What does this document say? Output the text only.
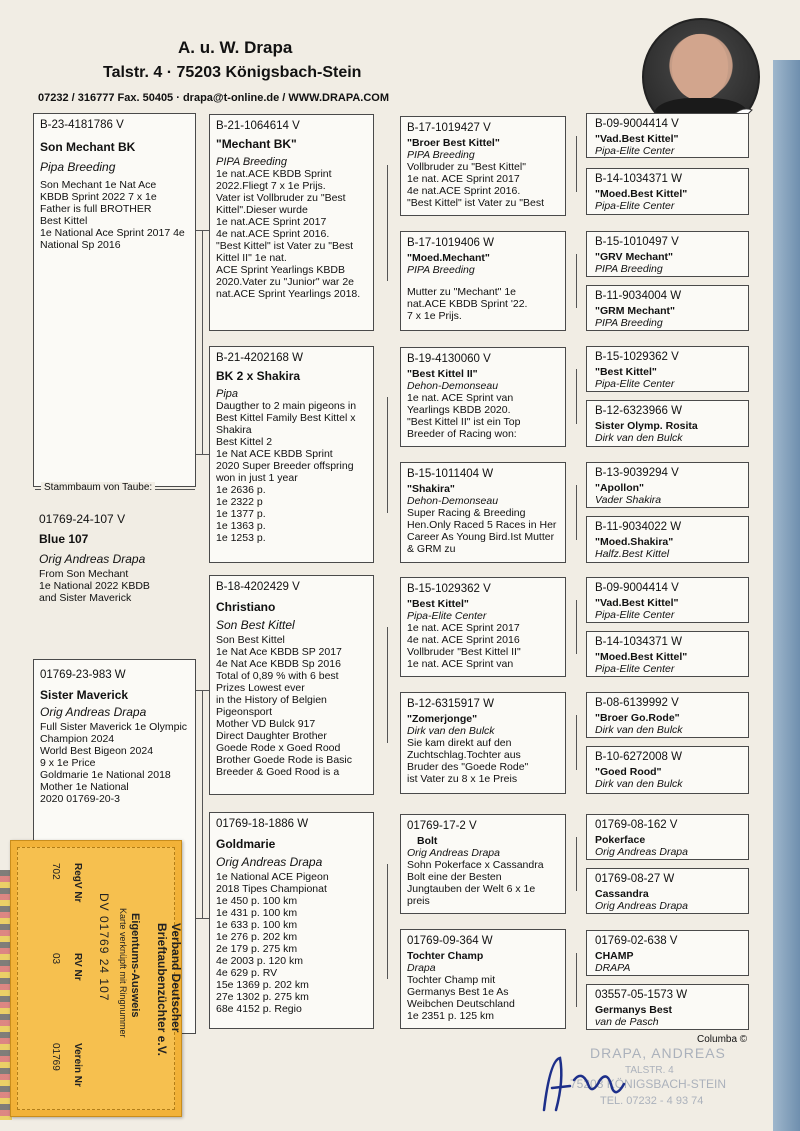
A. u. W. Drapa
Talstr. 4 · 75203 Königsbach-Stein
07232 / 316777 Fax. 50405 · drapa@t-online.de / WWW.DRAPA.COM
B-23-4181786 V
Son Mechant BK
Pipa Breeding
Son Mechant 1e Nat Ace
KBDB Sprint 2022 7 x 1e
Father is full BROTHER
Best Kittel
1e National Ace Sprint 2017 4e
National Sp 2016
Stammbaum von Taube:
01769-24-107 V
Blue 107
Orig Andreas Drapa
From Son Mechant
1e National 2022 KBDB
and Sister Maverick
01769-23-983 W
Sister Maverick
Orig Andreas Drapa
Full Sister Maverick 1e Olympic
Champion 2024
World Best Bigeon 2024
9 x 1e Price
Goldmarie 1e National 2018
Mother 1e National
2020 01769-20-3
B-21-1064614 V
"Mechant BK"
PIPA Breeding
1e nat.ACE KBDB Sprint
2022.Fliegt 7 x 1e Prijs.
Vater ist Vollbruder zu "Best
Kittel".Dieser wurde
1e nat.ACE Sprint 2017
4e nat.ACE Sprint 2016.
"Best Kittel" ist Vater zu "Best
Kittel II" 1e nat.
ACE Sprint Yearlings KBDB
2020.Vater zu "Junior" war 2e
nat.ACE Sprint Yearlings 2018.
B-21-4202168 W
BK 2 x Shakira
Pipa
Daugther to 2 main pigeons in
Best Kittel Family Best Kittel x
Shakira
Best Kittel 2
1e Nat ACE KBDB Sprint
2020 Super Breeder offspring
won in just 1 year
1e 2636 p.
1e 2322 p
1e 1377 p.
1e 1363 p.
1e 1253 p.
B-18-4202429 V
Christiano
Son Best Kittel
Son Best Kittel
1e Nat Ace KBDB SP 2017
4e Nat Ace KBDB Sp 2016
Total of 0,89 % with 6 best
Prizes Lowest ever
in the History of Belgien
Pigeonsport
Mother VD Bulck 917
Direct Daughter Brother
Goede Rode x Goed Rood
Brother Goede Rode is Basic
Breeder & Goed Rood is a
01769-18-1886 W
Goldmarie
Orig Andreas Drapa
1e National ACE Pigeon
2018 Tipes Championat
1e 450 p. 100 km
1e 431 p. 100 km
1e 633 p. 100 km
1e 276 p. 202 km
2e 179 p. 275 km
4e 2003 p. 120 km
4e 629 p. RV
15e 1369 p. 202 km
27e 1302 p. 275 km
68e 4152 p. Regio
B-17-1019427 V
"Broer Best Kittel"
PIPA Breeding
Vollbruder zu "Best Kittel"
1e nat. ACE Sprint 2017
4e nat.ACE Sprint 2016.
"Best Kittel" ist Vater zu "Best
B-17-1019406 W
"Moed.Mechant"
PIPA Breeding
Mutter zu "Mechant" 1e
nat.ACE KBDB Sprint '22.
7 x 1e Prijs.
B-19-4130060 V
"Best Kittel II"
Dehon-Demonseau
1e nat. ACE Sprint van
Yearlings KBDB 2020.
"Best Kittel II" ist ein Top
Breeder of Racing won:
B-15-1011404 W
"Shakira"
Dehon-Demonseau
Super Racing & Breeding
Hen.Only Raced 5 Races in Her
Career As Young Bird.Ist Mutter
& GRM zu
B-15-1029362 V
"Best Kittel"
Pipa-Elite Center
1e nat. ACE Sprint 2017
4e nat. ACE Sprint 2016
Vollbruder "Best Kittel II"
1e nat. ACE Sprint van
B-12-6315917 W
"Zomerjonge"
Dirk van den Bulck
Sie kam direkt auf den
Zuchtschlag.Tochter aus
Bruder des "Goede Rode"
ist Vater zu 8 x 1e Preis
01769-17-2 V
Bolt
Orig Andreas Drapa
Sohn Pokerface x Cassandra
Bolt eine der Besten
Jungtauben der Welt 6 x 1e
preis
01769-09-364 W
Tochter Champ
Drapa
Tochter Champ mit
Germanys Best 1e As
Weibchen Deutschland
1e 2351 p. 125 km
B-09-9004414 V
"Vad.Best Kittel"
Pipa-Elite Center
B-14-1034371 W
"Moed.Best Kittel"
Pipa-Elite Center
B-15-1010497 V
"GRV Mechant"
PIPA Breeding
B-11-9034004 W
"GRM Mechant"
PIPA Breeding
B-15-1029362 V
"Best Kittel"
Pipa-Elite Center
B-12-6323966 W
Sister Olymp. Rosita
Dirk van den Bulck
B-13-9039294 V
"Apollon"
Vader Shakira
B-11-9034022 W
"Moed.Shakira"
Halfz.Best Kittel
B-09-9004414 V
"Vad.Best Kittel"
Pipa-Elite Center
B-14-1034371 W
"Moed.Best Kittel"
Pipa-Elite Center
B-08-6139992 V
"Broer Go.Rode"
Dirk van den Bulck
B-10-6272008 W
"Goed Rood"
Dirk van den Bulck
01769-08-162 V
Pokerface
Orig Andreas Drapa
01769-08-27 W
Cassandra
Orig Andreas Drapa
01769-02-638 V
CHAMP
DRAPA
03557-05-1573 W
Germanys Best
van de Pasch
Verband Deutscher
Brieftaubenzüchter e.V.
Eigentums-Ausweis
Karte verknüpft mit Ringnummer
DV 01769 24 107
RegV Nr
702
RV Nr
03
Verein Nr
01769
Columba ©
DRAPA, ANDREAS
TALSTR. 4
75203 KÖNIGSBACH-STEIN
TEL. 07232 - 4 93 74
